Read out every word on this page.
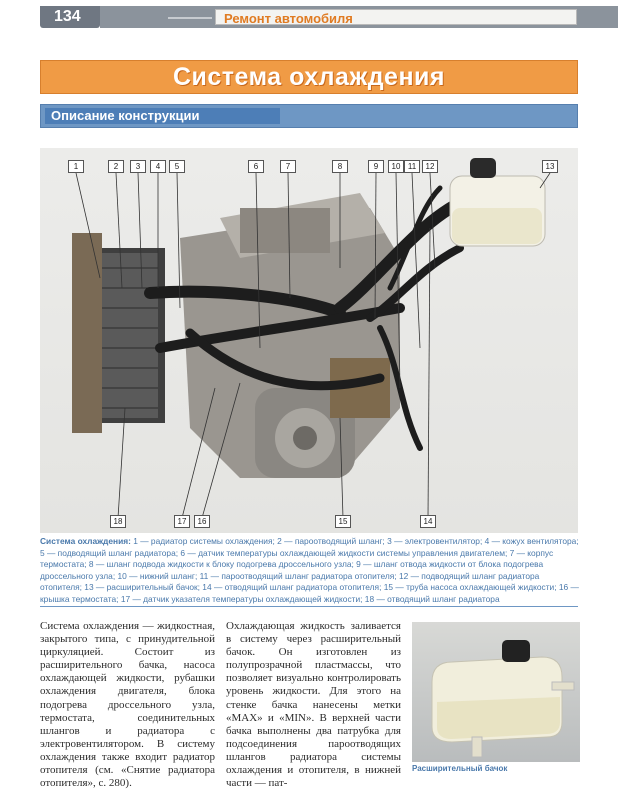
134	Ремонт автомобиля
Система охлаждения
Описание конструкции
1	2	3	4	5	6	7	8	9	10 11	12	13
18	17	16	15	14
Система охлаждения: 1 — радиатор системы охлаждения; 2 — пароотводящий шланг; 3 — электровентилятор; 4 — кожух вентилятора; 5 — подводящий шланг радиатора; 6 — датчик температуры охлаждающей жидкости системы управления двигателем; 7 — корпус термостата; 8 — шланг подвода жидкости к блоку подогрева дроссельного узла; 9 — шланг отвода жидкости от блока подогрева дроссельного узла; 10 — нижний шланг; 11 — пароотводящий шланг радиатора отопителя; 12 — подводящий шланг радиатора отопителя; 13 — расширительный бачок; 14 — отводящий шланг радиатора отопителя; 15 — труба насоса охлаждающей жидкости; 16 — крышка термостата; 17 — датчик указателя температуры охлаждающей жидкости; 18 — отводящий шланг радиатора
Система охлаждения — жидкостная, закрытого типа, с принудительной циркуляцией. Состоит из расширительного бачка, насоса охлаждающей жидкости, рубашки охлаждения двигателя, блока подогрева дроссельного узла, термостата, соединительных шлангов и радиатора с электровентилятором. В систему охлаждения также входит радиатор отопителя (см. «Снятие радиатора отопителя», с. 280).
Охлаждающая жидкость заливается в систему через расширительный бачок. Он изготовлен из полупрозрачной пластмассы, что позволяет визуально контролировать уровень жидкости. Для этого на стенке бачка нанесены метки «MAX» и «MIN». В верхней части бачка выполнены два патрубка для подсоединения пароотводящих шлангов радиатора системы охлаждения и отопителя, в нижней части — пат-
Расширительный бачок
